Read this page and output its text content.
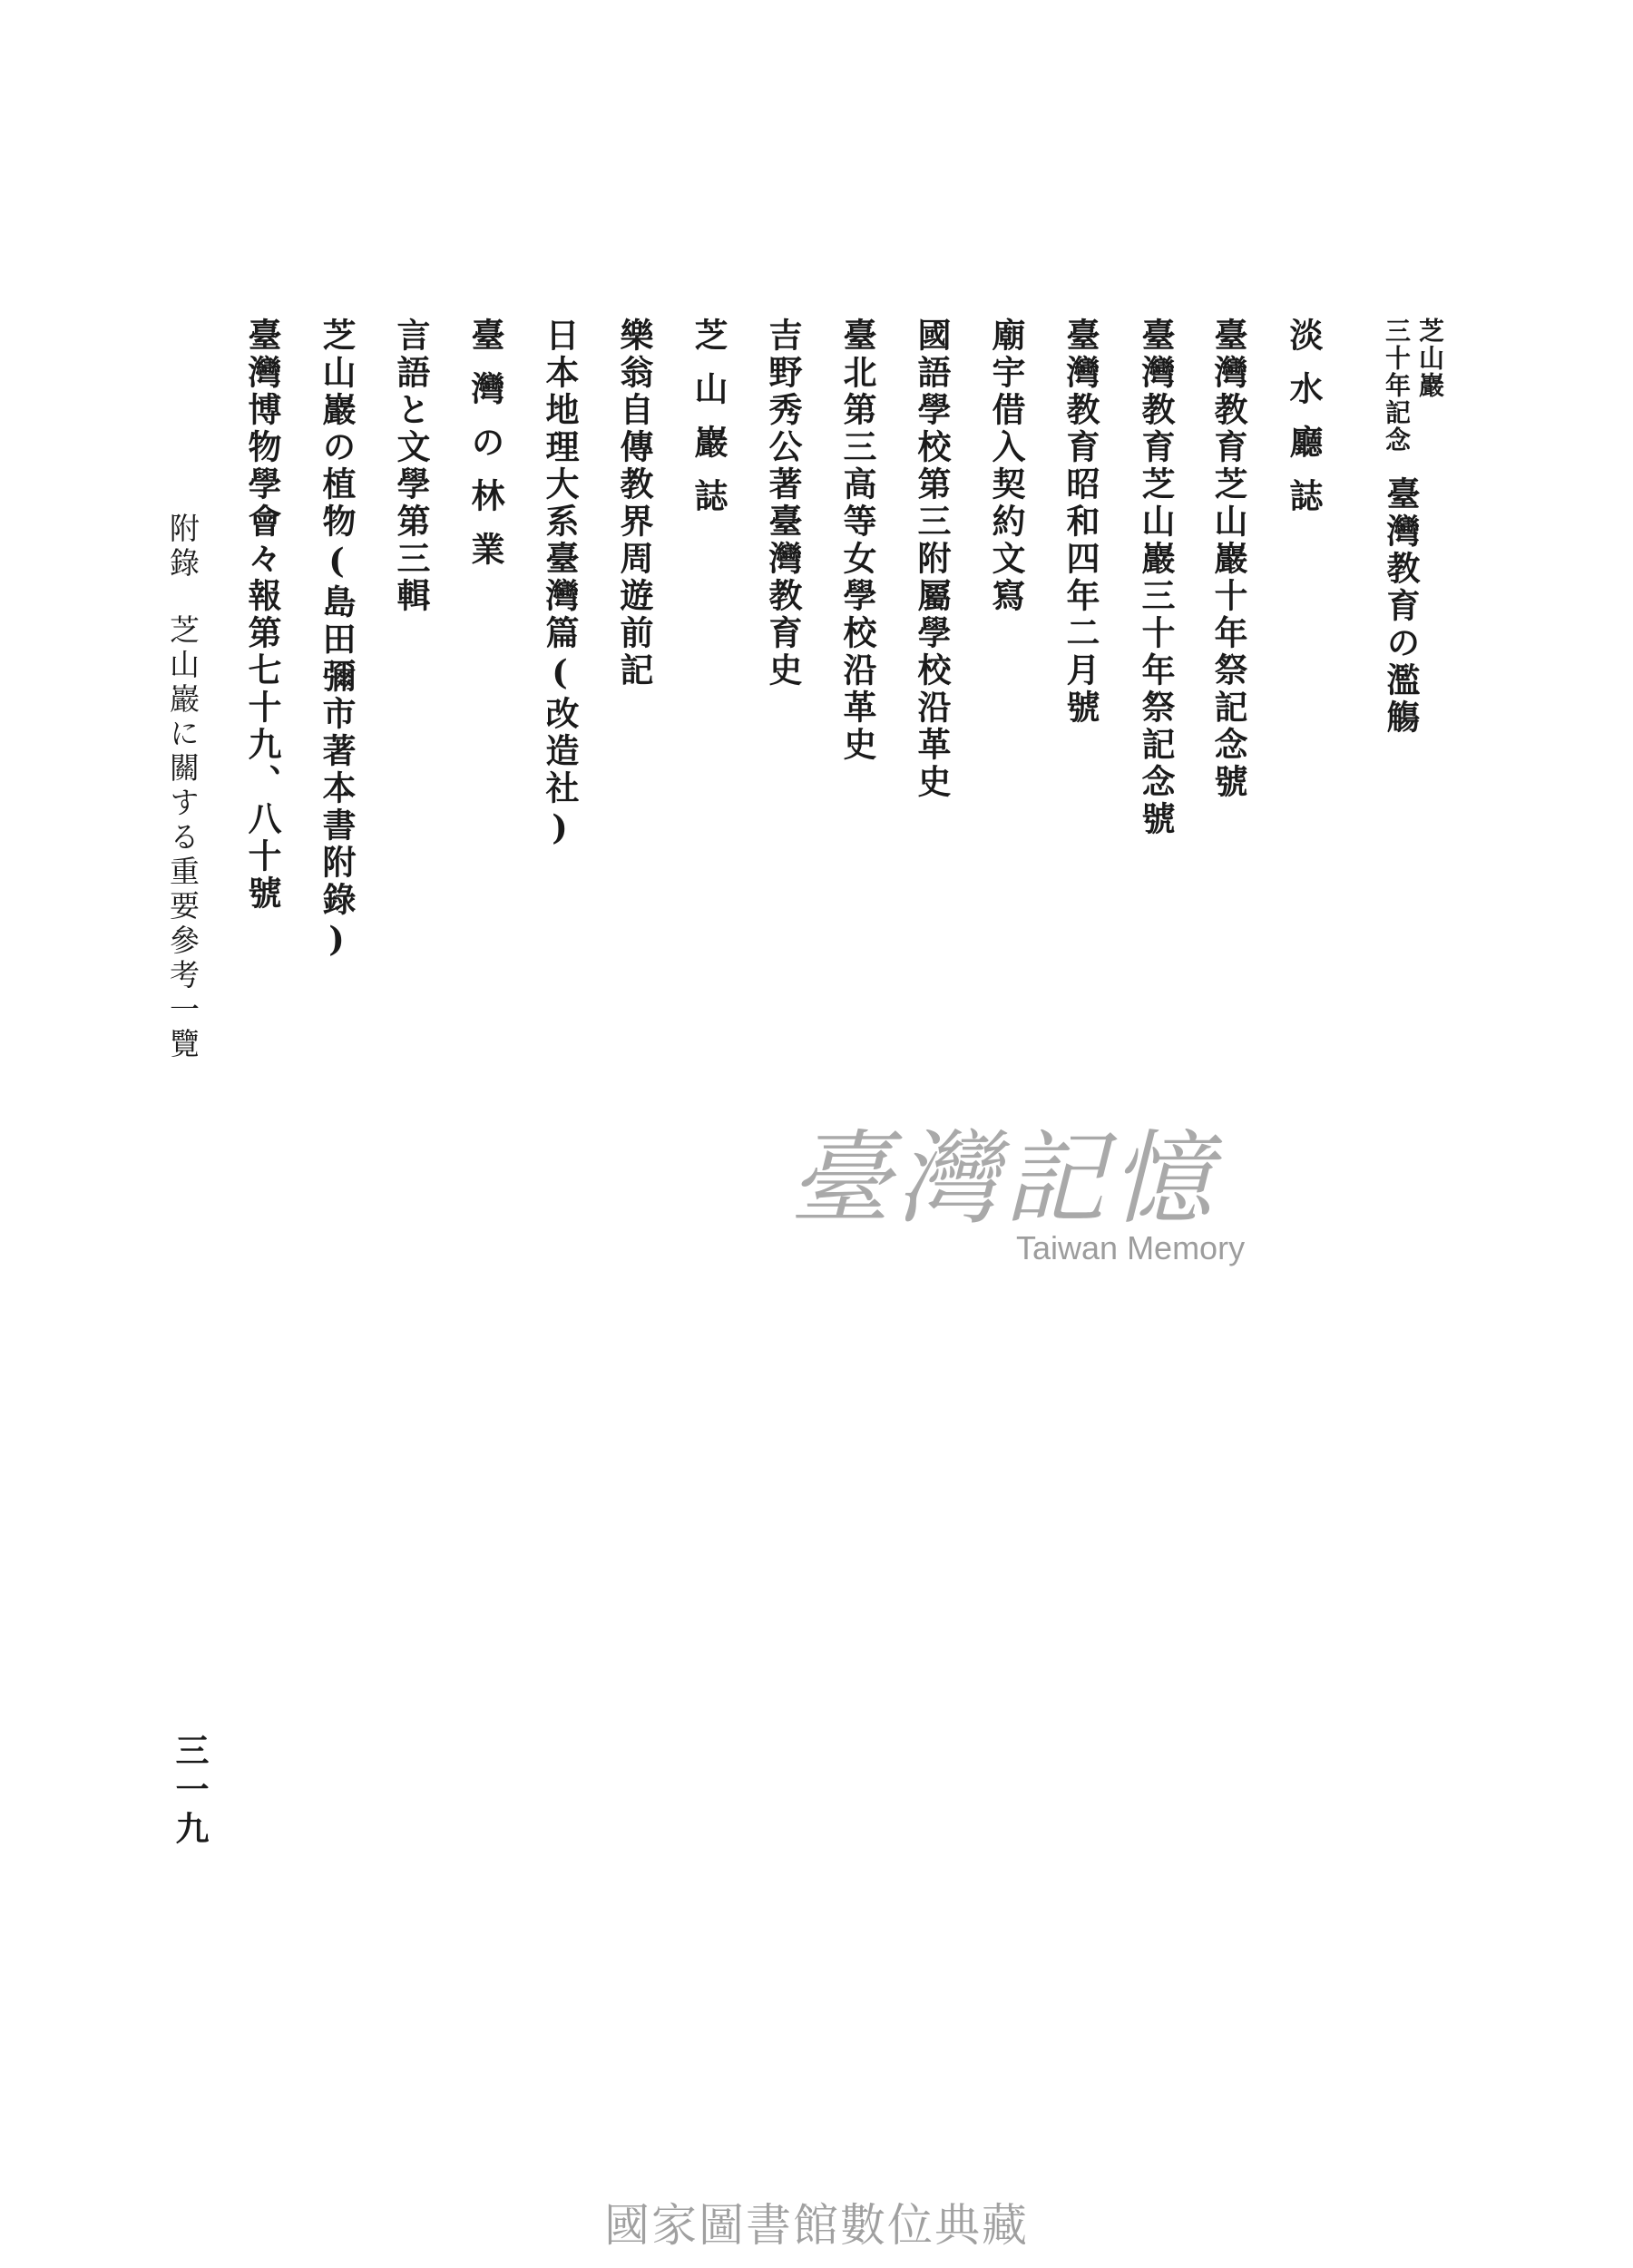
芝山巖
三十年記念
臺灣教育の濫觴
淡水廳誌
臺灣教育芝山巖十年祭記念號
臺灣教育芝山巖三十年祭記念號
臺灣教育昭和四年二月號
廟宇借入契約文寫
國語學校第三附屬學校沿革史
臺北第三高等女學校沿革史
吉野秀公著臺灣教育史
芝山巖誌
樂翁自傳教界周遊前記
日本地理大系臺灣篇(改造社)
臺灣の林業
言語と文學第三輯
芝山巖の植物(島田彌市著本書附錄)
臺灣博物學會々報第七十九、八十號
附錄芝山巖に關する重要參考一覽
三一九
臺灣記憶
Taiwan Memory
國家圖書館數位典藏
